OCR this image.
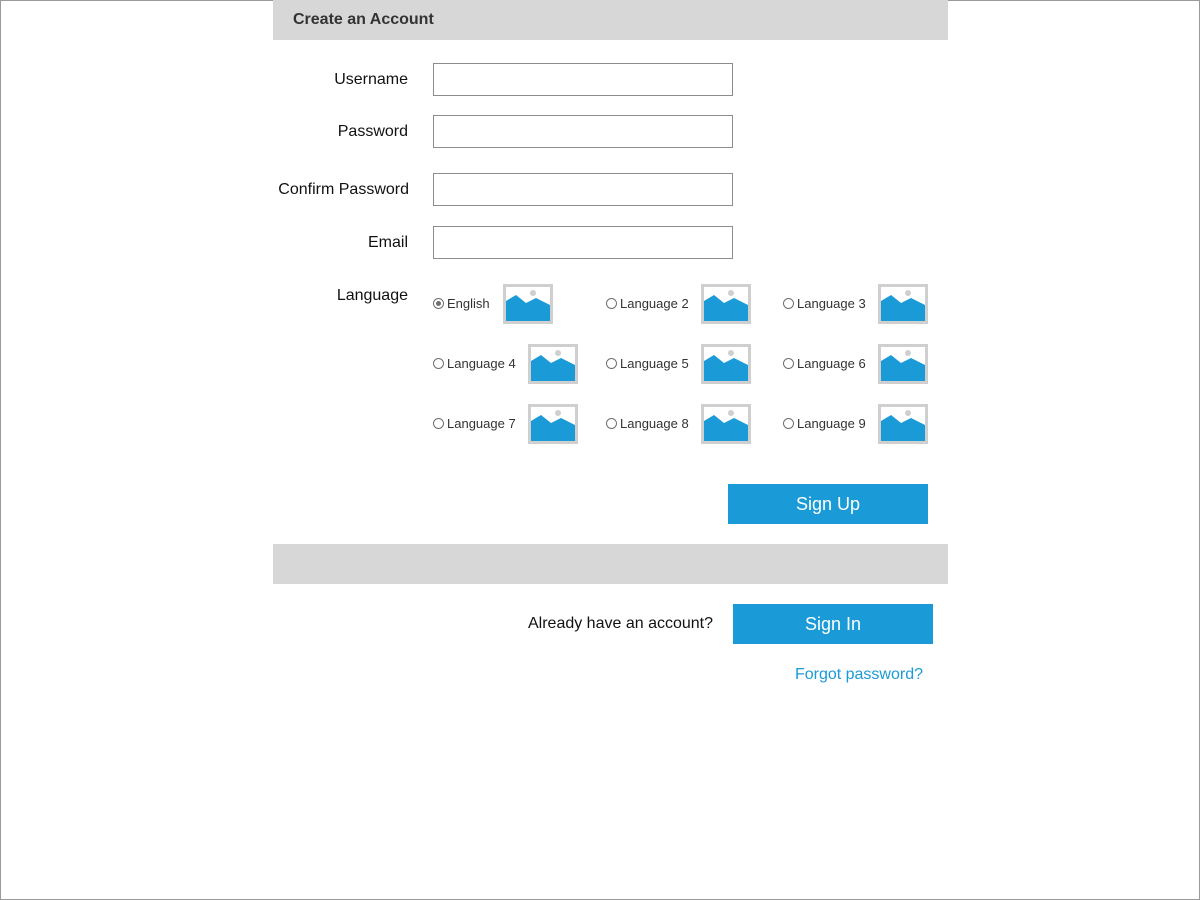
Create an Account
Username
Password
Confirm Password
Email
Language	English	Language 2	Language 3
Language 4	Language 5	Language 6
Language 7	Language 8	Language 9
Sign Up
Already have an account?	Sign In
Forgot password?
